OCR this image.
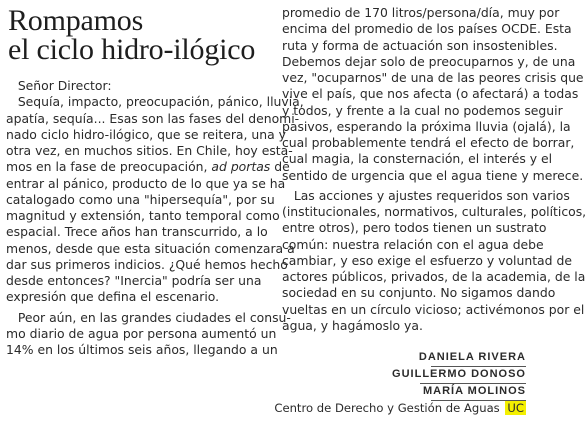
Rompamos
el ciclo hidro-ilógico
Señor Director:
Sequía, impacto, preocupación, pánico, lluvia,
apatía, sequía... Esas son las fases del denomi-
nado ciclo hidro-ilógico, que se reitera, una y
otra vez, en muchos sitios. En Chile, hoy esta-
mos en la fase de preocupación, ad portas de
entrar al pánico, producto de lo que ya se ha
catalogado como una "hipersequía", por su
magnitud y extensión, tanto temporal como
espacial. Trece años han transcurrido, a lo
menos, desde que esta situación comenzara a
dar sus primeros indicios. ¿Qué hemos hecho
desde entonces? "Inercia" podría ser una
expresión que defina el escenario.
Peor aún, en las grandes ciudades el consu-
mo diario de agua por persona aumentó un
14% en los últimos seis años, llegando a un
promedio de 170 litros/persona/día, muy por
encima del promedio de los países OCDE. Esta
ruta y forma de actuación son insostenibles.
Debemos dejar solo de preocuparnos y, de una
vez, "ocuparnos" de una de las peores crisis que
vive el país, que nos afecta (o afectará) a todas
y todos, y frente a la cual no podemos seguir
pasivos, esperando la próxima lluvia (ojalá), la
cual probablemente tendrá el efecto de borrar,
cual magia, la consternación, el interés y el
sentido de urgencia que el agua tiene y merece.
Las acciones y ajustes requeridos son varios
(institucionales, normativos, culturales, políticos,
entre otros), pero todos tienen un sustrato
común: nuestra relación con el agua debe
cambiar, y eso exige el esfuerzo y voluntad de
actores públicos, privados, de la academia, de la
sociedad en su conjunto. No sigamos dando
vueltas en un círculo vicioso; activémonos por el
agua, y hagámoslo ya.
DANIELA RIVERA
GUILLERMO DONOSO
MARÍA MOLINOS
Centro de Derecho y Gestión de Aguas UC
